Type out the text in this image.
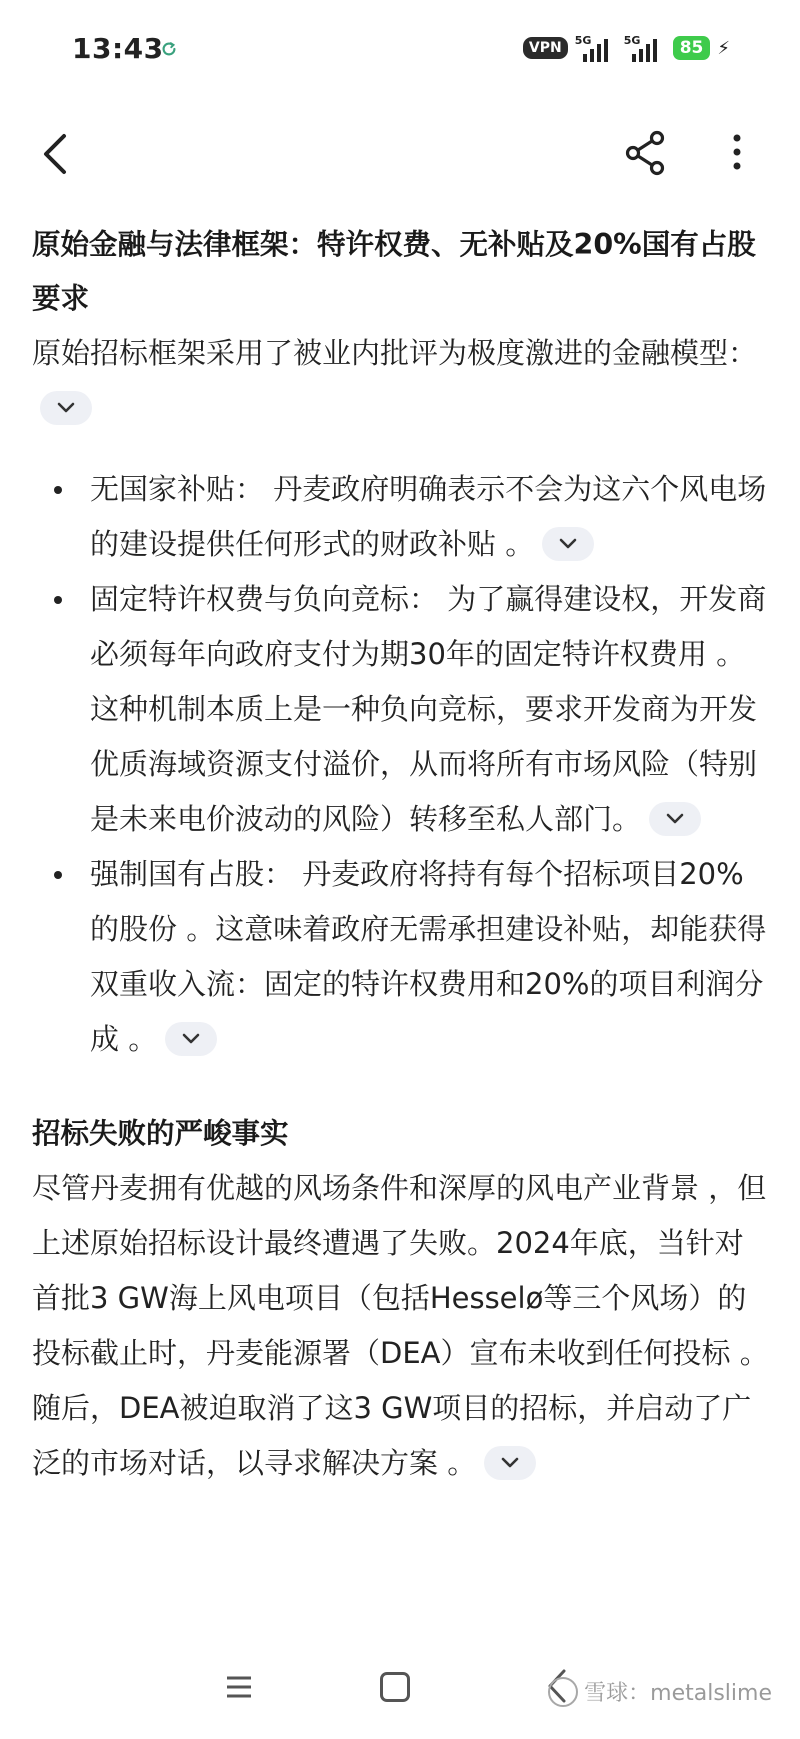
13:43	VPN	5G	5G	85 ⚡
原始金融与法律框架：特许权费、无补贴及20%国有占股要求

原始招标框架采用了被业内批评为极度激进的金融模型：

无国家补贴： 丹麦政府明确表示不会为这六个风电场的建设提供任何形式的财政补贴 。
固定特许权费与负向竞标： 为了赢得建设权，开发商必须每年向政府支付为期30年的固定特许权费用 。这种机制本质上是一种负向竞标，要求开发商为开发优质海域资源支付溢价，从而将所有市场风险（特别是未来电价波动的风险）转移至私人部门。
强制国有占股： 丹麦政府将持有每个招标项目20%的股份 。这意味着政府无需承担建设补贴，却能获得双重收入流：固定的特许权费用和20%的项目利润分成 。
招标失败的严峻事实

尽管丹麦拥有优越的风场条件和深厚的风电产业背景 ，但上述原始招标设计最终遭遇了失败。2024年底，当针对首批3 GW海上风电项目（包括Hesselø等三个风场）的投标截止时，丹麦能源署（DEA）宣布未收到任何投标 。随后，DEA被迫取消了这3 GW项目的招标，并启动了广泛的市场对话，以寻求解决方案 。

雪球：metalslime
